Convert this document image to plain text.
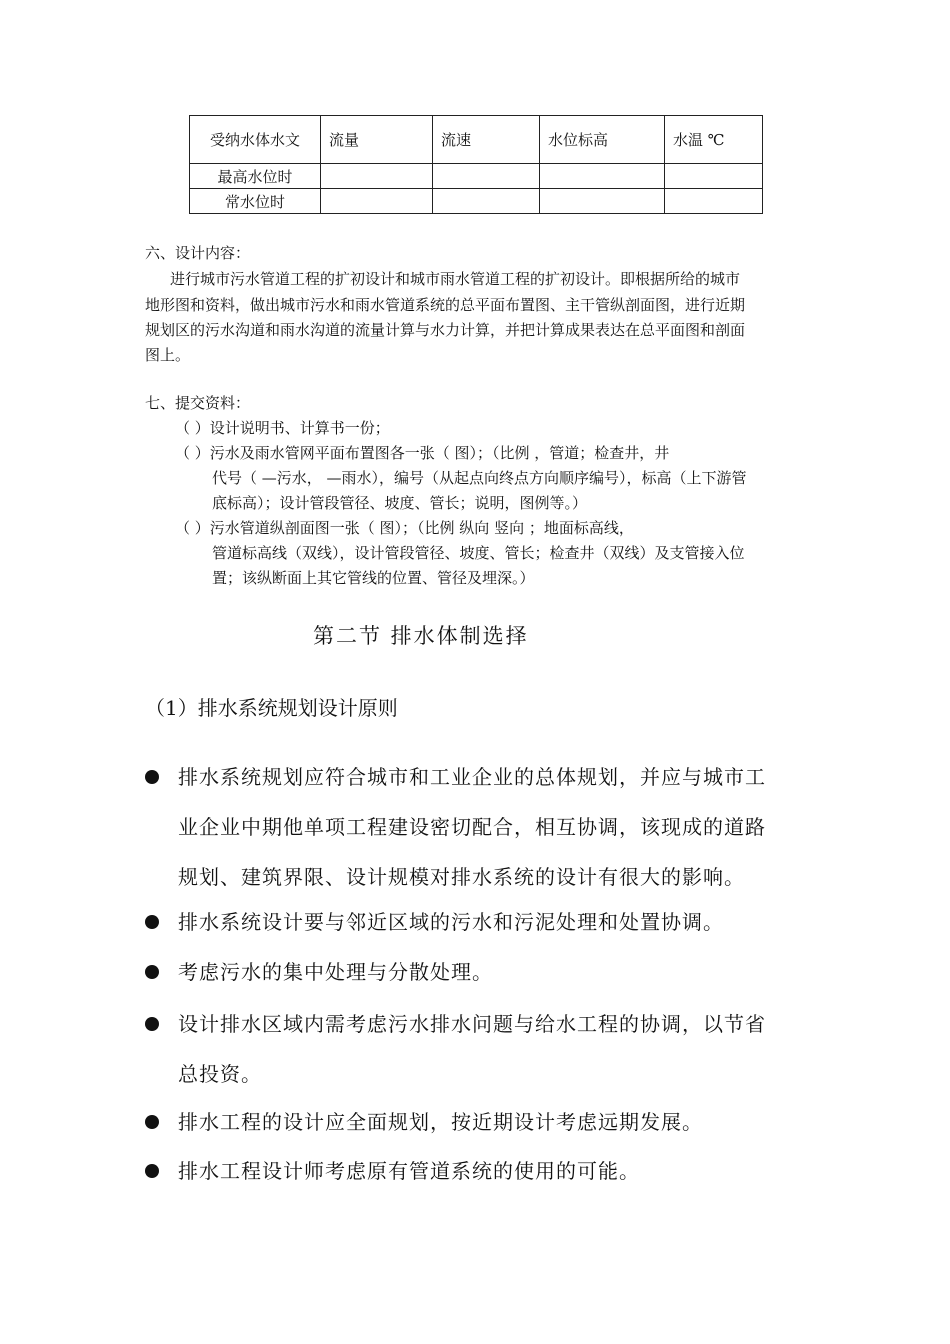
受纳水体水文	流量	流速	水位标高	水温 ℃
最高水位时				
常水位时				
六、设计内容：
进行城市污水管道工程的扩初设计和城市雨水管道工程的扩初设计。即根据所给的城市
地形图和资料，做出城市污水和雨水管道系统的总平面布置图、主干管纵剖面图，进行近期
规划区的污水沟道和雨水沟道的流量计算与水力计算，并把计算成果表达在总平面图和剖面
图上。
七、提交资料：
（ ）设计说明书、计算书一份；
（ ）污水及雨水管网平面布置图各一张（ 图）；（比例 ，管道；检查井，井
代号（ —污水， —雨水），编号（从起点向终点方向顺序编号），标高（上下游管
底标高）；设计管段管径、坡度、管长；说明，图例等。）
（ ）污水管道纵剖面图一张（ 图）；（比例 纵向 竖向 ；地面标高线，
管道标高线（双线），设计管段管径、坡度、管长；检查井（双线）及支管接入位
置；该纵断面上其它管线的位置、管径及埋深。）
第二节 排水体制选择
（1）排水系统规划设计原则
排水系统规划应符合城市和工业企业的总体规划，并应与城市工
业企业中期他单项工程建设密切配合，相互协调，该现成的道路
规划、建筑界限、设计规模对排水系统的设计有很大的影响。
排水系统设计要与邻近区域的污水和污泥处理和处置协调。
考虑污水的集中处理与分散处理。
设计排水区域内需考虑污水排水问题与给水工程的协调，以节省
总投资。
排水工程的设计应全面规划，按近期设计考虑远期发展。
排水工程设计师考虑原有管道系统的使用的可能。
